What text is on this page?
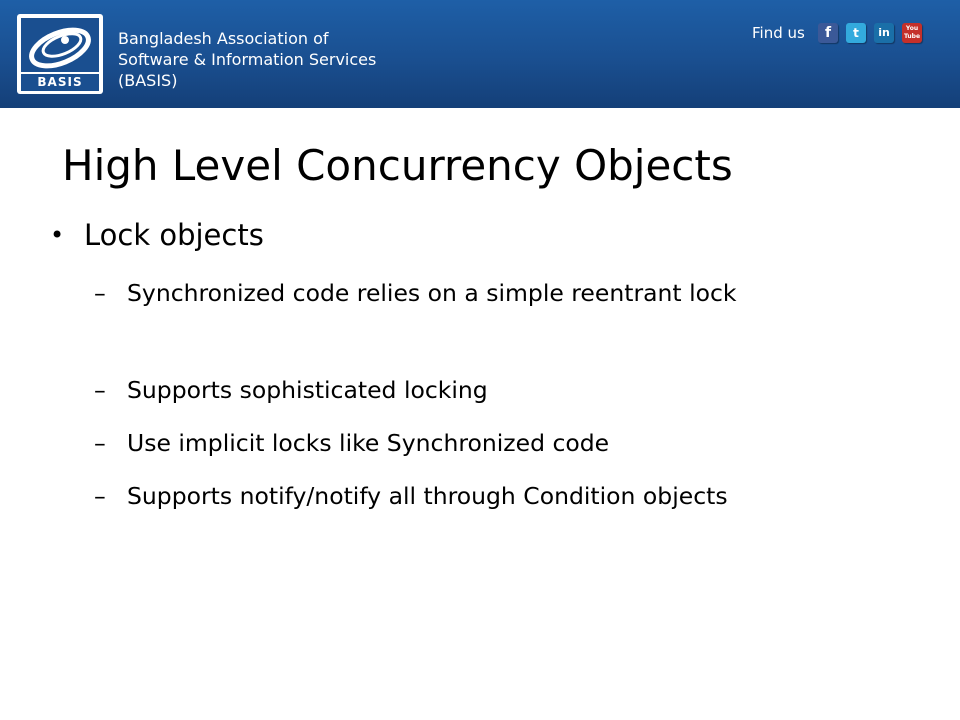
BASIS
Bangladesh Association of
Software & Information Services
(BASIS)
Find us	f	t	in	You Tube
High Level Concurrency Objects
• Lock objects
– Synchronized code relies on a simple reentrant lock
– Supports sophisticated locking
– Use implicit locks like Synchronized code
– Supports notify/notify all through Condition objects
